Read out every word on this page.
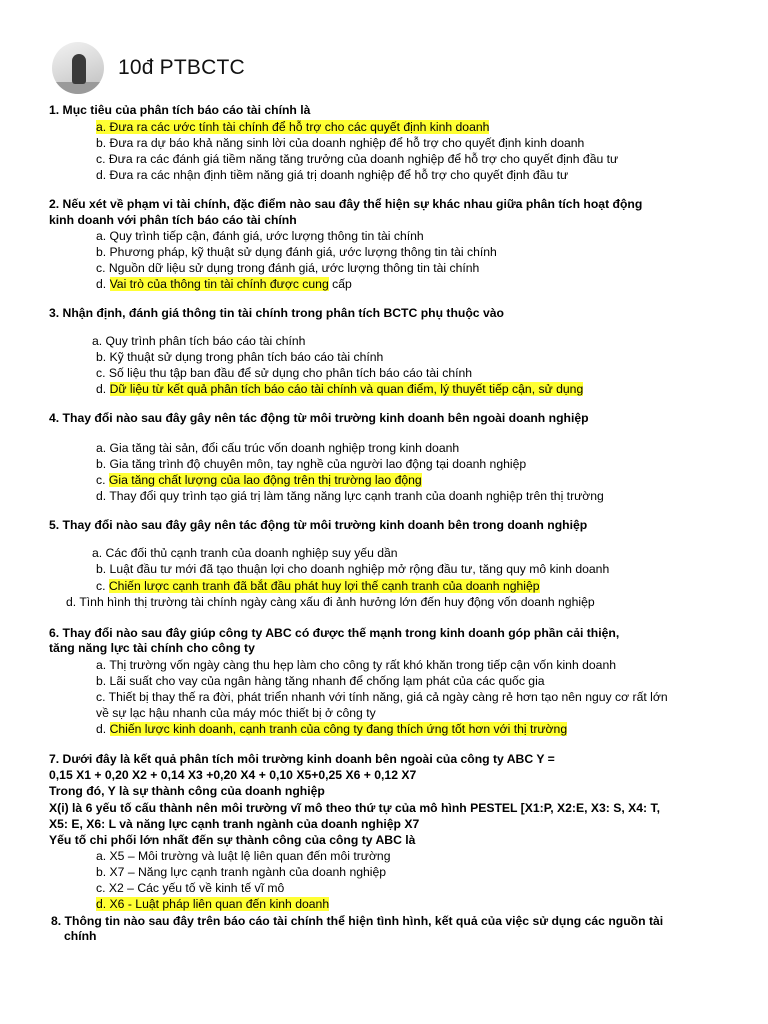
10đ PTBCTC
1. Mục tiêu của phân tích báo cáo tài chính là
a. Đưa ra các ước tính tài chính để hỗ trợ cho các quyết định kinh doanh
b. Đưa ra dự báo khả năng sinh lời của doanh nghiệp để hỗ trợ cho quyết định kinh doanh
c. Đưa ra các đánh giá tiềm năng tăng trưởng của doanh nghiệp để hỗ trợ cho quyết định đầu tư
d. Đưa ra các nhận định tiềm năng giá trị doanh nghiệp để hỗ trợ cho quyết định đầu tư
2. Nếu xét về phạm vi tài chính, đặc điểm nào sau đây thể hiện sự khác nhau giữa phân tích hoạt động
kinh doanh với phân tích báo cáo tài chính
a. Quy trình tiếp cận, đánh giá, ước lượng thông tin tài chính
b. Phương pháp, kỹ thuật sử dụng đánh giá, ước lượng thông tin tài chính
c. Nguồn dữ liệu sử dụng trong đánh giá, ước lượng thông tin tài chính
d. Vai trò của thông tin tài chính được cung cấp
3. Nhận định, đánh giá thông tin tài chính trong phân tích BCTC phụ thuộc vào
a. Quy trình phân tích báo cáo tài chính
b. Kỹ thuật sử dụng trong phân tích báo cáo tài chính
c. Số liệu thu tập ban đầu để sử dụng cho phân tích báo cáo tài chính
d. Dữ liệu từ kết quả phân tích báo cáo tài chính và quan điểm, lý thuyết tiếp cận, sử dụng
4. Thay đổi nào sau đây gây nên tác động từ môi trường kinh doanh bên ngoài doanh nghiệp
a. Gia tăng tài sản, đổi cấu trúc vốn doanh nghiệp trong kinh doanh
b. Gia tăng trình độ chuyên môn, tay nghề của người lao động tại doanh nghiệp
c. Gia tăng chất lượng của lao động trên thị trường lao động
d. Thay đổi quy trình tạo giá trị làm tăng năng lực cạnh tranh của doanh nghiệp trên thị trường
5. Thay đổi nào sau đây gây nên tác động từ môi trường kinh doanh bên trong doanh nghiệp
a. Các đối thủ cạnh tranh của doanh nghiệp suy yếu dần
b. Luật đầu tư mới đã tạo thuận lợi cho doanh nghiệp mở rộng đầu tư, tăng quy mô kinh doanh
c. Chiến lược cạnh tranh đã bắt đầu phát huy lợi thế cạnh tranh của doanh nghiệp
d. Tình hình thị trường tài chính ngày càng xấu đi ảnh hưởng lớn đến huy động vốn doanh nghiệp
6. Thay đổi nào sau đây giúp công ty ABC có được thế mạnh trong kinh doanh góp phần cải thiện,
tăng năng lực tài chính cho công ty
a. Thị trường vốn ngày càng thu hẹp làm cho công ty rất khó khăn trong tiếp cận vốn kinh doanh
b. Lãi suất cho vay của ngân hàng tăng nhanh để chống lạm phát của các quốc gia
c. Thiết bị thay thế ra đời, phát triển nhanh với tính năng, giá cả ngày càng rẻ hơn tạo nên nguy cơ rất lớn
về sự lạc hậu nhanh của máy móc thiết bị ở công ty
d. Chiến lược kinh doanh, cạnh tranh của công ty đang thích ứng tốt hơn với thị trường
7. Dưới đây là kết quả phân tích môi trường kinh doanh bên ngoài của công ty ABC Y =
0,15 X1 + 0,20 X2 + 0,14 X3 +0,20 X4 + 0,10 X5+0,25 X6 + 0,12 X7
Trong đó, Y là sự thành công của doanh nghiệp
X(i) là 6 yếu tố cấu thành nên môi trường vĩ mô theo thứ tự của mô hình PESTEL [X1:P, X2:E, X3: S, X4: T,
X5: E, X6: L và năng lực cạnh tranh ngành của doanh nghiệp X7
Yếu tố chi phối lớn nhất đến sự thành công của công ty ABC là
a. X5 – Môi trường và luật lệ liên quan đến môi trường
b. X7 – Năng lực cạnh tranh ngành của doanh nghiệp
c. X2 – Các yếu tố về kinh tế vĩ mô
d. X6 - Luật pháp liên quan đến kinh doanh
8. Thông tin nào sau đây trên báo cáo tài chính thể hiện tình hình, kết quả của việc sử dụng các nguồn tài
chính
